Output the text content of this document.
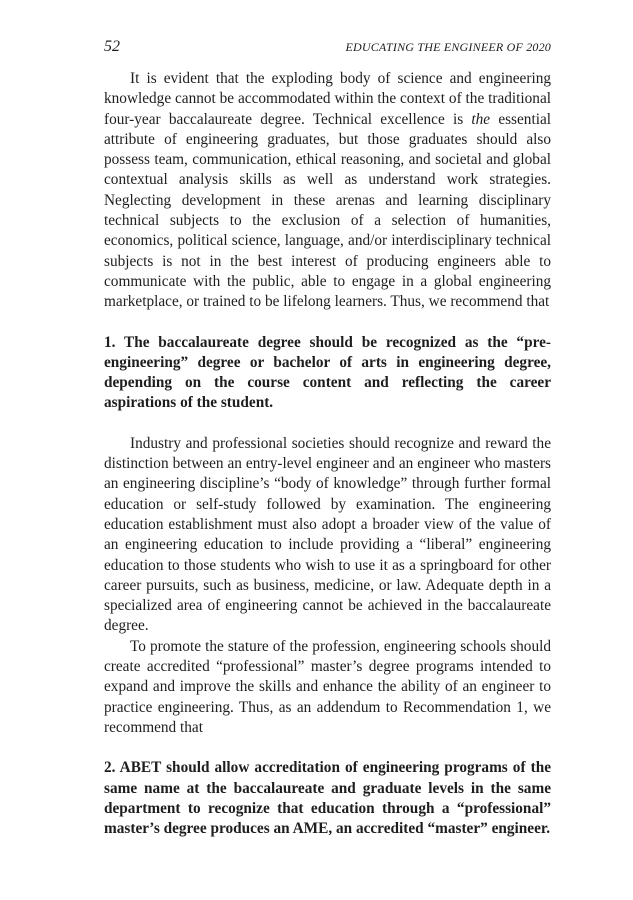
52	EDUCATING THE ENGINEER OF 2020

It is evident that the exploding body of science and engineering knowledge cannot be accommodated within the context of the traditional four-year baccalaureate degree. Technical excellence is the essential attribute of engineering graduates, but those graduates should also possess team, communication, ethical reasoning, and societal and global contextual analysis skills as well as understand work strategies. Neglecting development in these arenas and learning disciplinary technical subjects to the exclusion of a selection of humanities, economics, political science, language, and/or interdisciplinary technical subjects is not in the best interest of producing engineers able to communicate with the public, able to engage in a global engineering marketplace, or trained to be lifelong learners. Thus, we recommend that

1. The baccalaureate degree should be recognized as the “pre-engineering” degree or bachelor of arts in engineering degree, depending on the course content and reflecting the career aspirations of the student.

Industry and professional societies should recognize and reward the distinction between an entry-level engineer and an engineer who masters an engineering discipline’s “body of knowledge” through further formal education or self-study followed by examination. The engineering education establishment must also adopt a broader view of the value of an engineering education to include providing a “liberal” engineering education to those students who wish to use it as a springboard for other career pursuits, such as business, medicine, or law. Adequate depth in a specialized area of engineering cannot be achieved in the baccalaureate degree.

To promote the stature of the profession, engineering schools should create accredited “professional” master’s degree programs intended to expand and improve the skills and enhance the ability of an engineer to practice engineering. Thus, as an addendum to Recommendation 1, we recommend that

2. ABET should allow accreditation of engineering programs of the same name at the baccalaureate and graduate levels in the same department to recognize that education through a “professional” master’s degree produces an AME, an accredited “master” engineer.
